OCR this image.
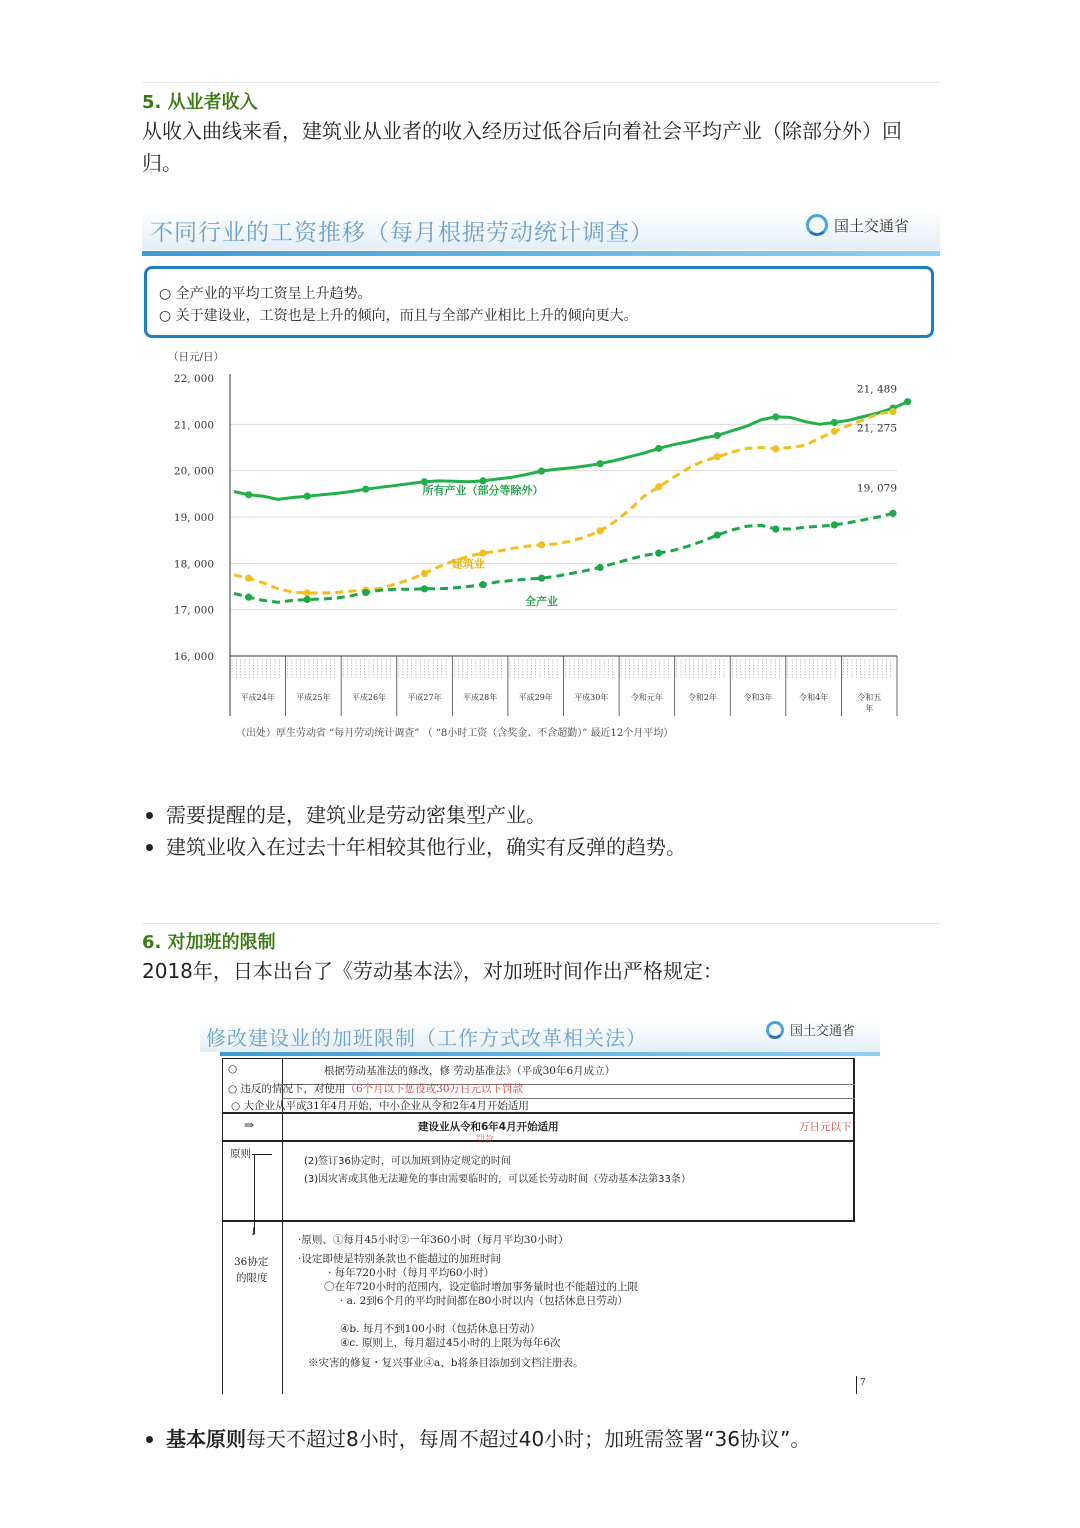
5. 从业者收入
从收入曲线来看，建筑业从业者的收入经历过低谷后向着社会平均产业（除部分外）回
归。
不同行业的工资推移（每月根据劳动统计调查）	国土交通省

○ 全产业的平均工资呈上升趋势。

○ 关于建设业，工资也是上升的倾向，而且与全部产业相比上升的倾向更大。

（日元/日）
22, 000
21, 000
20, 000
19, 000
18, 000
17, 000
16, 000
平成24年	平成25年	平成26年	平成27年	平成28年	平成29年	平成30年	令和元年	令和2年	令和3年	令和4年	令和五
年
所有产业（部分等除外）
建筑业
全产业
21, 489
21, 275
19, 079
（出处）厚生劳动省 “每月劳动统计调查” （ “8小时工资（含奖金、不含超勤）” 最近12个月平均）
需要提醒的是，建筑业是劳动密集型产业。
建筑业收入在过去十年相较其他行业，确实有反弹的趋势。
6. 对加班的限制
2018年，日本出台了《劳动基本法》，对加班时间作出严格规定：
修改建设业的加班限制（工作方式改革相关法）	国土交通省
○	根据劳动基准法的修改，修 劳动基准法》（平成30年6月成立）
○ 违反的情况下，对使用（6个月以下惩役或30万日元以下罚款
○ 大企业从平成31年4月开始，中小企业从令和2年4月开始适用
⇒	建设业从令和6年4月开始适用	万日元以下
罚款
原则
↓
(2)签订36协定时，可以加班到协定规定的时间
(3)因灾害或其他无法避免的事由需要临时的，可以延长劳动时间（劳动基本法第33条）
36协定
的限度
·原则、①每月45小时②一年360小时（每月平均30小时）
·设定即使是特别条款也不能超过的加班时间
· 每年720小时（每月平均60小时）
〇在年720小时的范围内，设定临时增加事务量时也不能超过的上限
· a. 2到6个月的平均时间都在80小时以内（包括休息日劳动）
④b. 每月不到100小时（包括休息日劳动）
④c. 原则上，每月超过45小时的上限为每年6次
※灾害的修复・复兴事业④a、b将条目添加到文档注册表。
7
基本原则每天不超过8小时，每周不超过40小时；加班需签署“36协议”。
